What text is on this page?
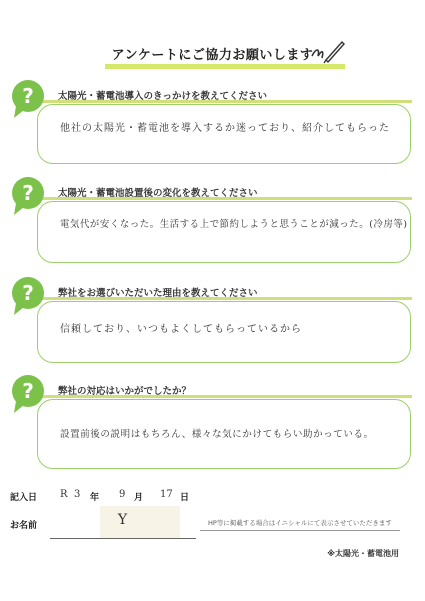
アンケートにご協力お願いします
太陽光・蓄電池導入のきっかけを教えてください
他社の太陽光・蓄電池を導入するか迷っており、紹介してもらった
?
太陽光・蓄電池設置後の変化を教えてください
電気代が安くなった。生活する上で節約しようと思うことが減った。(冷房等)
?
弊社をお選びいただいた理由を教えてください
信頼しており、いつもよくしてもらっているから
?
弊社の対応はいかがでしたか？
設置前後の説明はもちろん、様々な気にかけてもらい助かっている。
?
記入日 R 3 年 9 月 17 日
お名前	Y	HP等に掲載する場合はイニシャルにて表示させていただきます
※太陽光・蓄電池用
